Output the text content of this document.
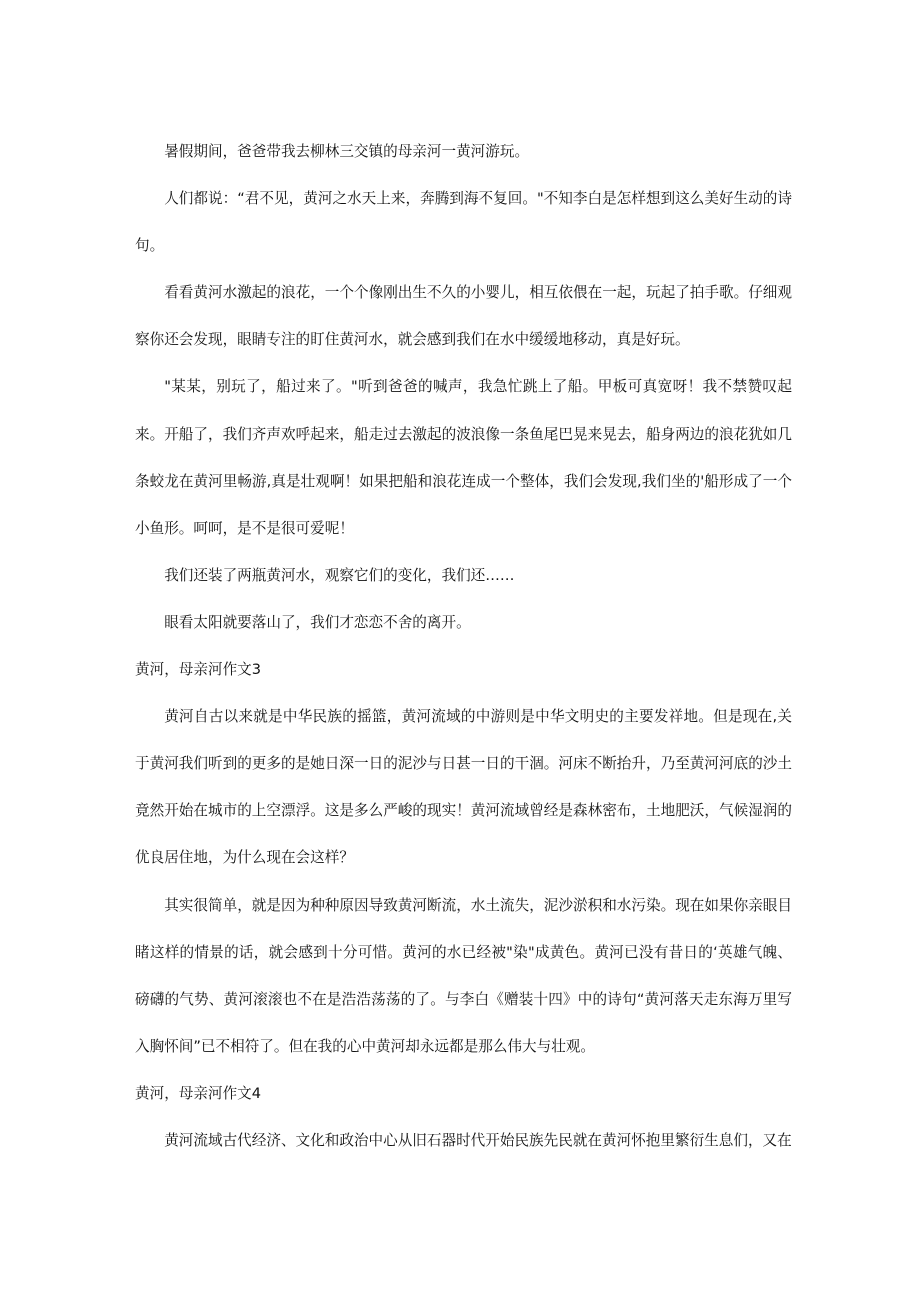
暑假期间，爸爸带我去柳林三交镇的母亲河一黄河游玩。

人们都说：“君不见，黄河之水天上来，奔腾到海不复回。"不知李白是怎样想到这么美好生动的诗句。

看看黄河水激起的浪花，一个个像刚出生不久的小婴儿，相互依偎在一起，玩起了拍手歌。仔细观察你还会发现，眼睛专注的盯住黄河水，就会感到我们在水中缓缓地移动，真是好玩。

"某某，别玩了，船过来了。"听到爸爸的喊声，我急忙跳上了船。甲板可真宽呀！我不禁赞叹起来。开船了，我们齐声欢呼起来，船走过去激起的波浪像一条鱼尾巴晃来晃去，船身两边的浪花犹如几条蛟龙在黄河里畅游,真是壮观啊！如果把船和浪花连成一个整体，我们会发现,我们坐的'船形成了一个小鱼形。呵呵，是不是很可爱呢！

我们还装了两瓶黄河水，观察它们的变化，我们还……

眼看太阳就要落山了，我们才恋恋不舍的离开。

黄河，母亲河作文3

黄河自古以来就是中华民族的摇篮，黄河流域的中游则是中华文明史的主要发祥地。但是现在,关于黄河我们听到的更多的是她日深一日的泥沙与日甚一日的干涸。河床不断抬升，乃至黄河河底的沙土竟然开始在城市的上空漂浮。这是多么严峻的现实！黄河流域曾经是森林密布，土地肥沃，气候湿润的优良居住地，为什么现在会这样？

其实很简单，就是因为种种原因导致黄河断流，水土流失，泥沙淤积和水污染。现在如果你亲眼目睹这样的情景的话，就会感到十分可惜。黄河的水已经被"染"成黄色。黄河已没有昔日的‘英雄气魄、磅礴的气势、黄河滚滚也不在是浩浩荡荡的了。与李白《赠装十四》中的诗句“黄河落天走东海万里写入胸怀间”已不相符了。但在我的心中黄河却永远都是那么伟大与壮观。

黄河，母亲河作文4

黄河流域古代经济、文化和政治中心从旧石器时代开始民族先民就在黄河怀抱里繁衍生息们，又在
